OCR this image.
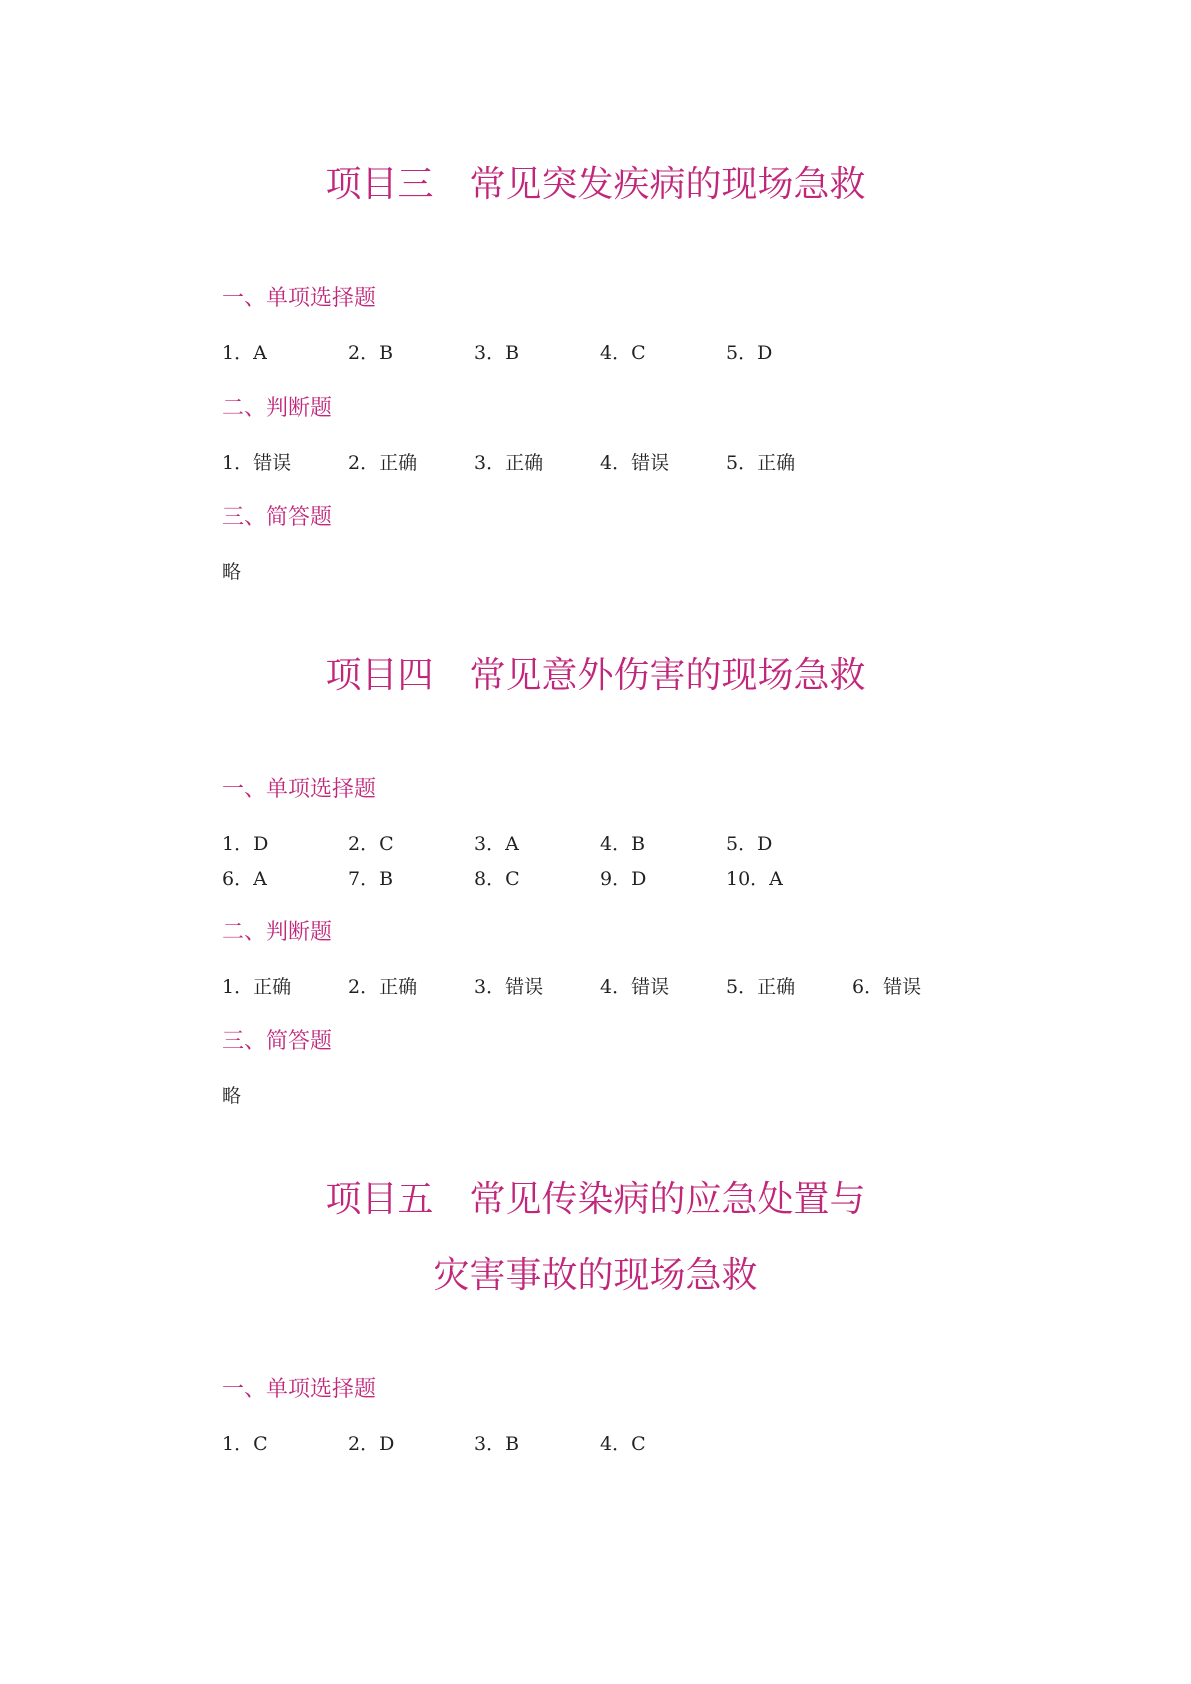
项目三　常见突发疾病的现场急救
一、单项选择题
1．A	2．B	3．B	4．C	5．D
二、判断题
1．错误	2．正确	3．正确	4．错误	5．正确
三、简答题
略
项目四　常见意外伤害的现场急救
一、单项选择题
1．D	2．C	3．A	4．B	5．D
6．A	7．B	8．C	9．D	10．A
二、判断题
1．正确	2．正确	3．错误	4．错误	5．正确	6．错误
三、简答题
略
项目五　常见传染病的应急处置与
灾害事故的现场急救
一、单项选择题
1．C	2．D	3．B	4．C
